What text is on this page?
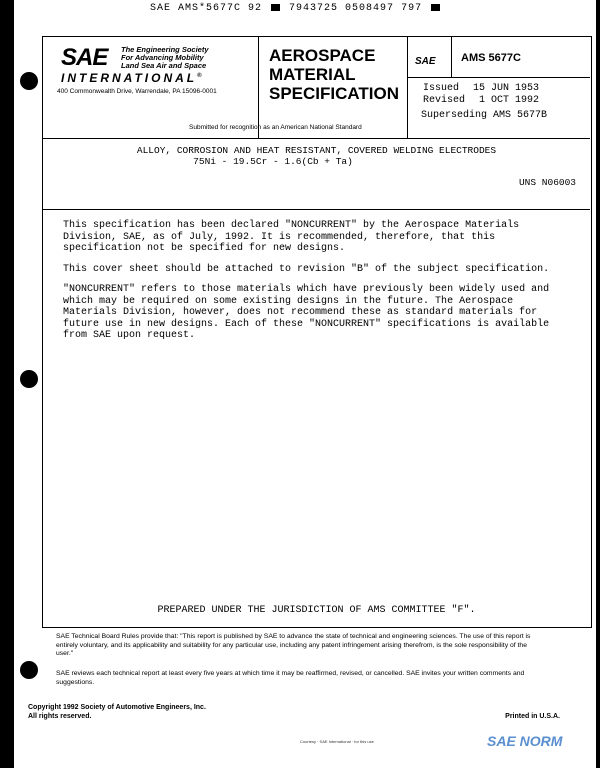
SAE AMS*5677C 92	7943725 0508497 797
SAE The Engineering Society
For Advancing Mobility
Land Sea Air and Space
INTERNATIONAL®
400 Commonwealth Drive, Warrendale, PA 15096-0001
Submitted for recognition as an American National Standard
AEROSPACE
MATERIAL
SPECIFICATION
SAE AMS 5677C
Issued 15 JUN 1953
Revised 1 OCT 1992
Superseding AMS 5677B
ALLOY, CORROSION AND HEAT RESISTANT, COVERED WELDING ELECTRODES
75Ni - 19.5Cr - 1.6(Cb + Ta)
UNS N06003

This specification has been declared "NONCURRENT" by the Aerospace Materials
Division, SAE, as of July, 1992. It is recommended, therefore, that this
specification not be specified for new designs.

This cover sheet should be attached to revision "B" of the subject specification.

"NONCURRENT" refers to those materials which have previously been widely used and
which may be required on some existing designs in the future. The Aerospace
Materials Division, however, does not recommend these as standard materials for
future use in new designs. Each of these "NONCURRENT" specifications is available
from SAE upon request.

PREPARED UNDER THE JURISDICTION OF AMS COMMITTEE "F".
SAE Technical Board Rules provide that: "This report is published by SAE to advance the state of technical and engineering sciences. The use of this report is entirely voluntary, and its applicability and suitability for any particular use, including any patent infringement arising therefrom, is the sole responsibility of the user."
SAE reviews each technical report at least every five years at which time it may be reaffirmed, revised, or cancelled. SAE invites your written comments and suggestions.
Copyright 1992 Society of Automotive Engineers, Inc.
All rights reserved.	Printed in U.S.A.
Courtesy · SAE International · for this use	SAE NORM
